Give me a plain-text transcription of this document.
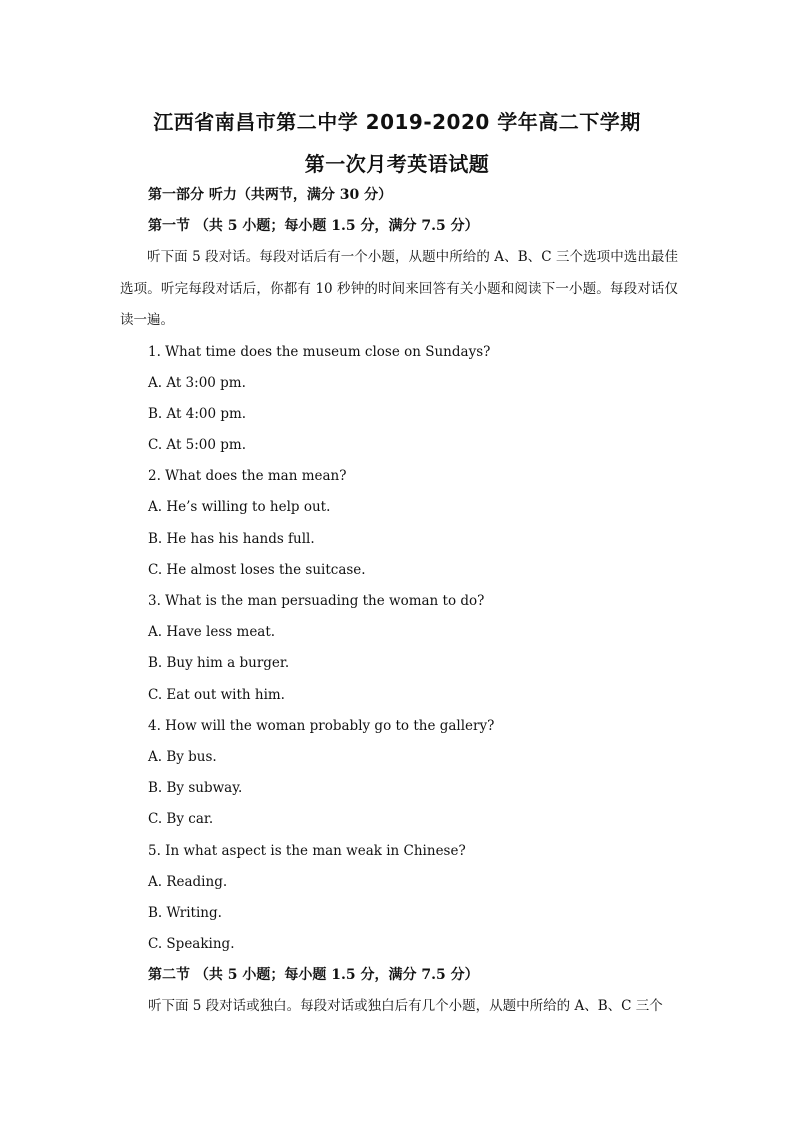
江西省南昌市第二中学 2019-2020 学年高二下学期
第一次月考英语试题
第一部分 听力（共两节，满分 30 分）
第一节 （共 5 小题；每小题 1.5 分，满分 7.5 分）
听下面 5 段对话。每段对话后有一个小题，从题中所给的 A、B、C 三个选项中选出最佳选项。听完每段对话后，你都有 10 秒钟的时间来回答有关小题和阅读下一小题。每段对话仅读一遍。
1. What time does the museum close on Sundays?
A. At 3:00 pm.
B. At 4:00 pm.
C. At 5:00 pm.
2. What does the man mean?
A. He’s willing to help out.
B. He has his hands full.
C. He almost loses the suitcase.
3. What is the man persuading the woman to do?
A. Have less meat.
B. Buy him a burger.
C. Eat out with him.
4. How will the woman probably go to the gallery?
A. By bus.
B. By subway.
C. By car.
5. In what aspect is the man weak in Chinese?
A. Reading.
B. Writing.
C. Speaking.
第二节 （共 5 小题；每小题 1.5 分，满分 7.5 分）
听下面 5 段对话或独白。每段对话或独白后有几个小题，从题中所给的 A、B、C 三个
